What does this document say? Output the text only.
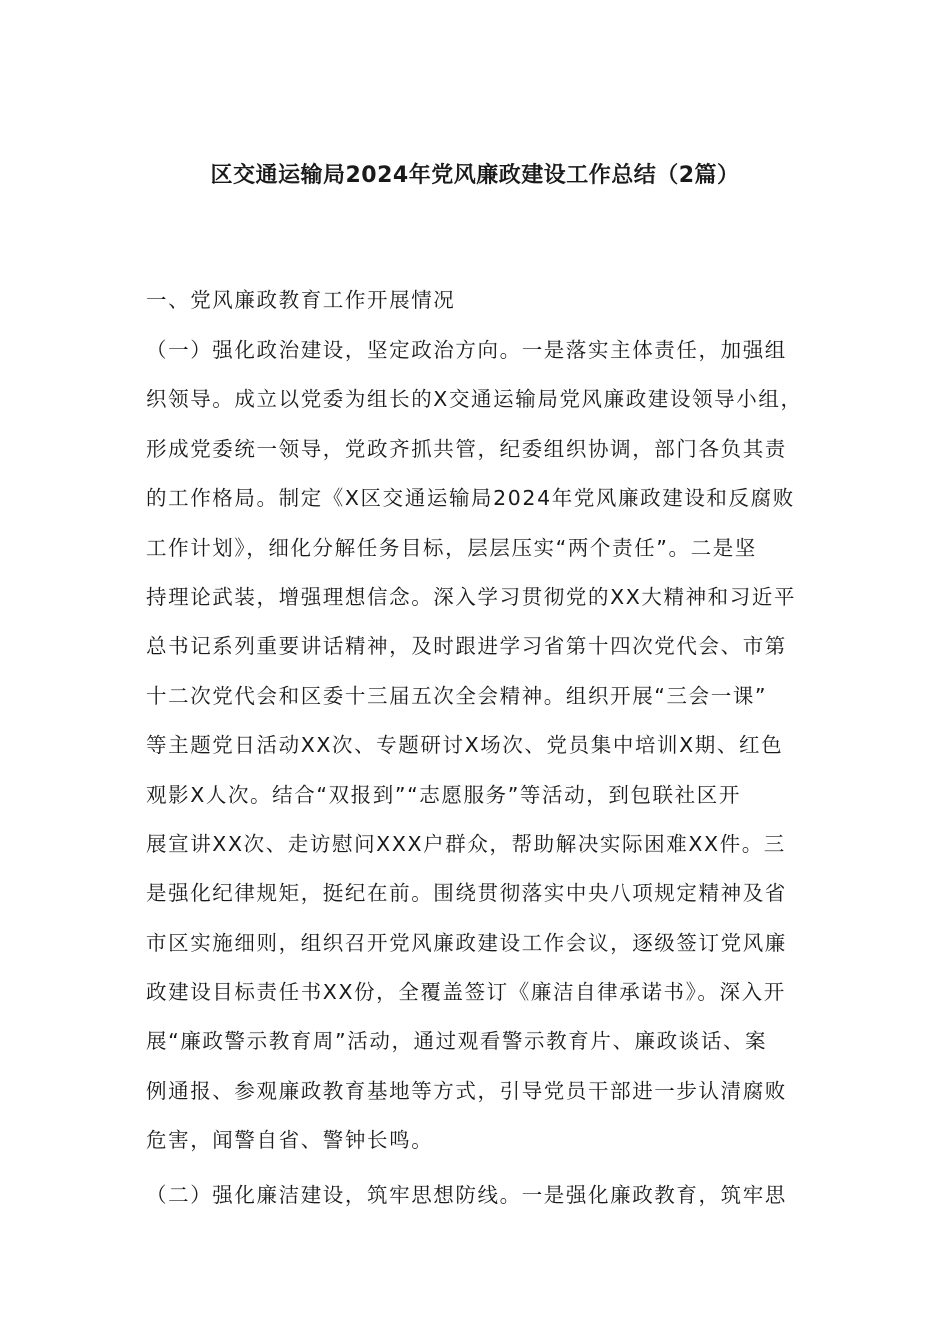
区交通运输局2024年党风廉政建设工作总结（2篇）
一、党风廉政教育工作开展情况
（一）强化政治建设，坚定政治方向。一是落实主体责任，加强组
织领导。成立以党委为组长的X交通运输局党风廉政建设领导小组，
形成党委统一领导，党政齐抓共管，纪委组织协调，部门各负其责
的工作格局。制定《X区交通运输局2024年党风廉政建设和反腐败
工作计划》，细化分解任务目标，层层压实“两个责任”。二是坚
持理论武装，增强理想信念。深入学习贯彻党的XX大精神和习近平
总书记系列重要讲话精神，及时跟进学习省第十四次党代会、市第
十二次党代会和区委十三届五次全会精神。组织开展“三会一课”
等主题党日活动XX次、专题研讨X场次、党员集中培训X期、红色
观影X人次。结合“双报到”“志愿服务”等活动，到包联社区开
展宣讲XX次、走访慰问XXX户群众，帮助解决实际困难XX件。三
是强化纪律规矩，挺纪在前。围绕贯彻落实中央八项规定精神及省
市区实施细则，组织召开党风廉政建设工作会议，逐级签订党风廉
政建设目标责任书XX份，全覆盖签订《廉洁自律承诺书》。深入开
展“廉政警示教育周”活动，通过观看警示教育片、廉政谈话、案
例通报、参观廉政教育基地等方式，引导党员干部进一步认清腐败
危害，闻警自省、警钟长鸣。
（二）强化廉洁建设，筑牢思想防线。一是强化廉政教育，筑牢思
